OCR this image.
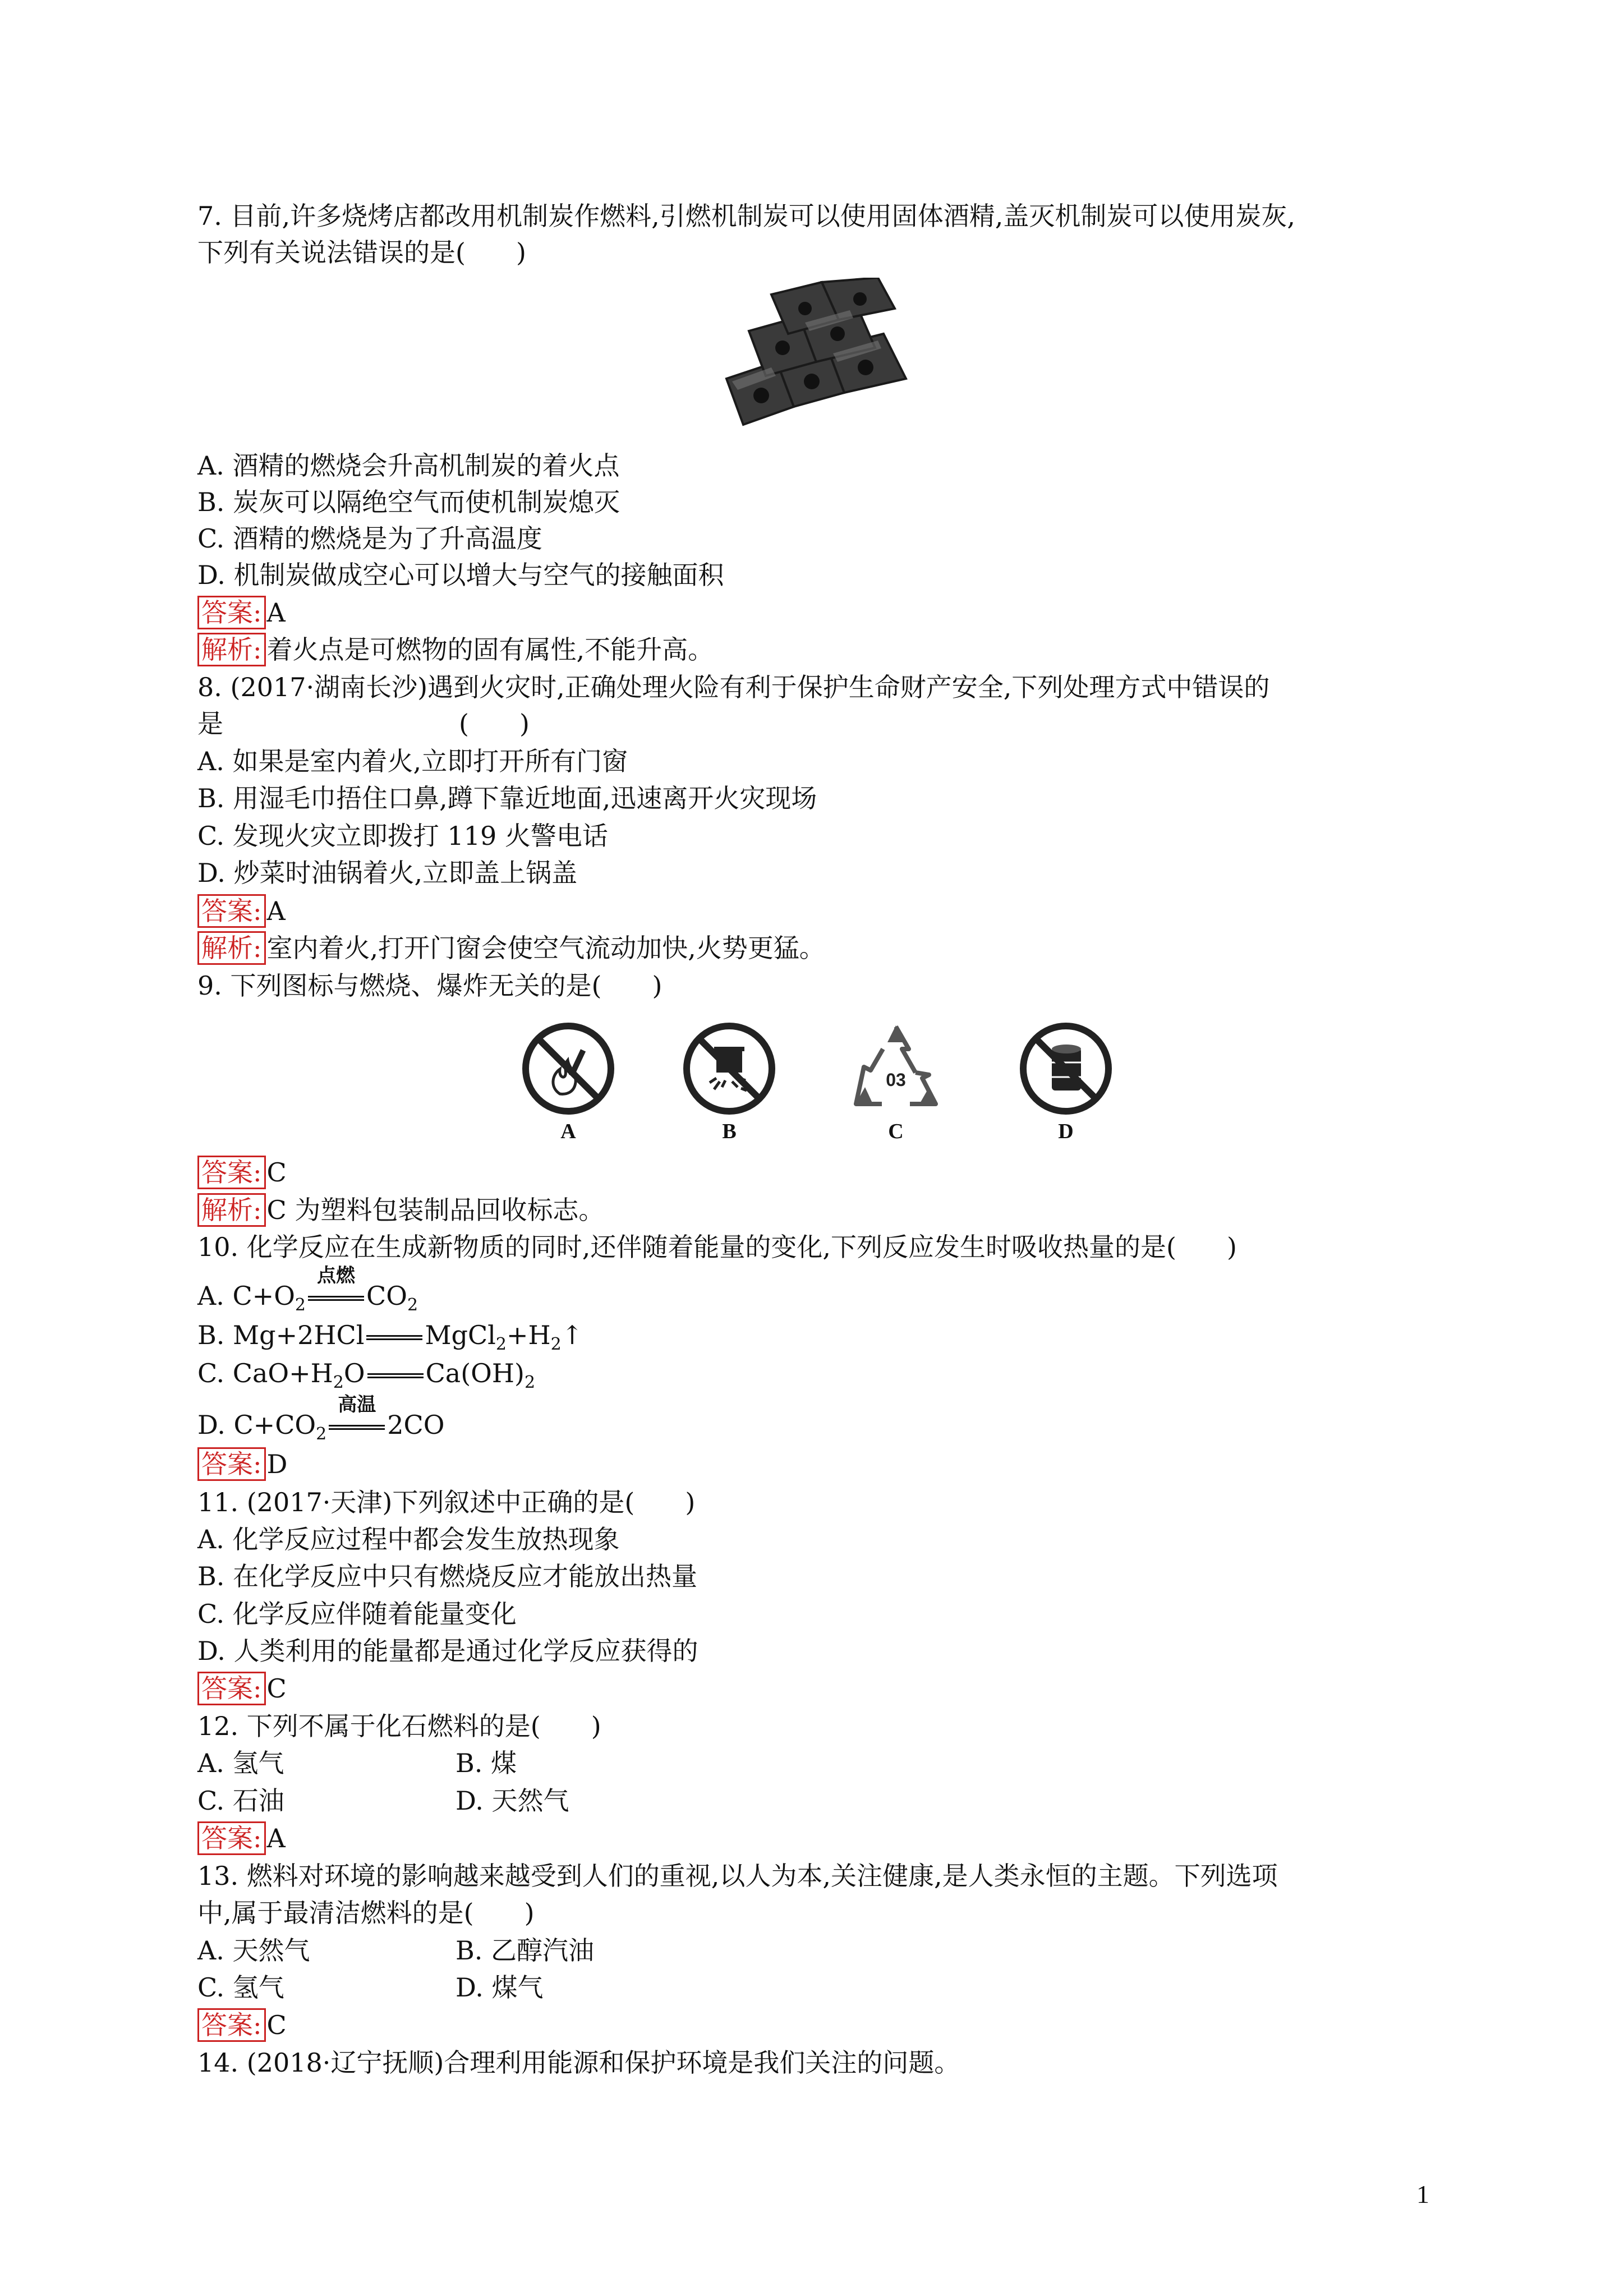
7. 目前,许多烧烤店都改用机制炭作燃料,引燃机制炭可以使用固体酒精,盖灭机制炭可以使用炭灰,
下列有关说法错误的是( )
A. 酒精的燃烧会升高机制炭的着火点
B. 炭灰可以隔绝空气而使机制炭熄灭
C. 酒精的燃烧是为了升高温度
D. 机制炭做成空心可以增大与空气的接触面积
答案: A
解析: 着火点是可燃物的固有属性,不能升高。
8. (2017·湖南长沙)遇到火灾时,正确处理火险有利于保护生命财产安全,下列处理方式中错误的
是	( )
A. 如果是室内着火,立即打开所有门窗
B. 用湿毛巾捂住口鼻,蹲下靠近地面,迅速离开火灾现场
C. 发现火灾立即拨打 119 火警电话
D. 炒菜时油锅着火,立即盖上锅盖
答案: A
解析: 室内着火,打开门窗会使空气流动加快,火势更猛。
9. 下列图标与燃烧、爆炸无关的是( )
A	B
03
C	D
答案: C
解析: C 为塑料包装制品回收标志。
10. 化学反应在生成新物质的同时,还伴随着能量的变化,下列反应发生时吸收热量的是( )
A. $C+O_2$
点燃
$CO_2$
B. Mg+2HCl $MgCl_2+H_2↑$
C. $CaO+H_2O$ $Ca(OH)_2$
D. $C+CO_2$
高温
2CO
答案: D
11. (2017·天津)下列叙述中正确的是( )
A. 化学反应过程中都会发生放热现象
B. 在化学反应中只有燃烧反应才能放出热量
C. 化学反应伴随着能量变化
D. 人类利用的能量都是通过化学反应获得的
答案: C
12. 下列不属于化石燃料的是( )
A. 氢气	B. 煤
C. 石油	D. 天然气
答案: A
13. 燃料对环境的影响越来越受到人们的重视,以人为本,关注健康,是人类永恒的主题。下列选项
中,属于最清洁燃料的是( )
A. 天然气	B. 乙醇汽油
C. 氢气	D. 煤气
答案: C
14. (2018·辽宁抚顺)合理利用能源和保护环境是我们关注的问题。
1
